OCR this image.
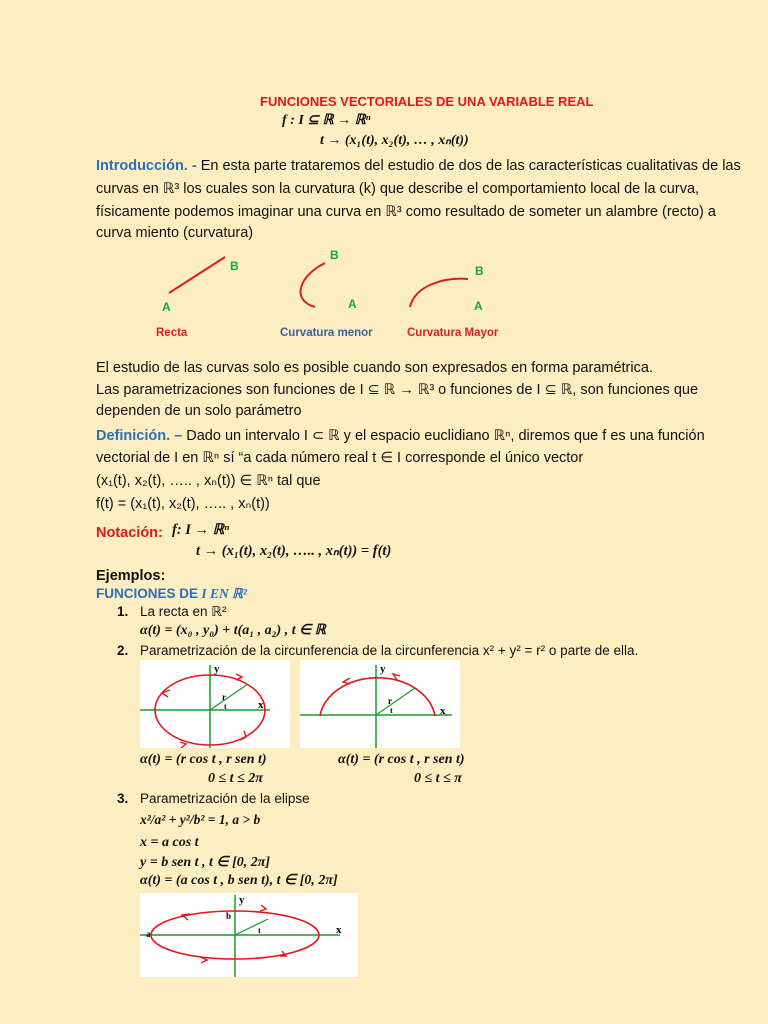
FUNCIONES VECTORIALES DE UNA VARIABLE REAL
f : I ⊆ ℝ → ℝⁿ
t → (x₁(t), x₂(t), … , xₙ(t))
Introducción. - En esta parte trataremos del estudio de dos de las características cualitativas de las
curvas en ℝ³ los cuales son la curvatura (k) que describe el comportamiento local de la curva,
físicamente podemos imaginar una curva en ℝ³ como resultado de someter un alambre (recto) a
curva miento (curvatura)
B
A
B
A
B
A
Recta	Curvatura menor	Curvatura Mayor
El estudio de las curvas solo es posible cuando son expresados en forma paramétrica.
Las parametrizaciones son funciones de I ⊆ ℝ → ℝ³ o funciones de I ⊆ ℝ, son funciones que
dependen de un solo parámetro
Definición. – Dado un intervalo I ⊂ ℝ y el espacio euclidiano ℝⁿ, diremos que f es una función
vectorial de I en ℝⁿ sí “a cada número real t ∈ I corresponde el único vector
(x₁(t), x₂(t), ….. , xₙ(t)) ∈ ℝⁿ tal que
f(t) = (x₁(t), x₂(t), ….. , xₙ(t))
Notación: f: I → ℝⁿ
t → (x₁(t), x₂(t), ….. , xₙ(t)) = f(t)
Ejemplos:
FUNCIONES DE I EN ℝ²
1. La recta en ℝ²
α(t) = (x₀ , y₀) + t(a₁ , a₂) , t ∈ ℝ
2. Parametrización de la circunferencia de la circunferencia x² + y² = r² o parte de ella.
r
t	x
y
r
t	x
y
α(t) = (r cos t , r sen t)
0 ≤ t ≤ 2π
α(t) = (r cos t , r sen t)
0 ≤ t ≤ π
3. Parametrización de la elipse
x²/a² + y²/b² = 1, a > b
x = a cos t
y = b sen t , t ∈ [0, 2π]
α(t) = (a cos t , b sen t), t ∈ [0, 2π]
b
t
a	x
y
